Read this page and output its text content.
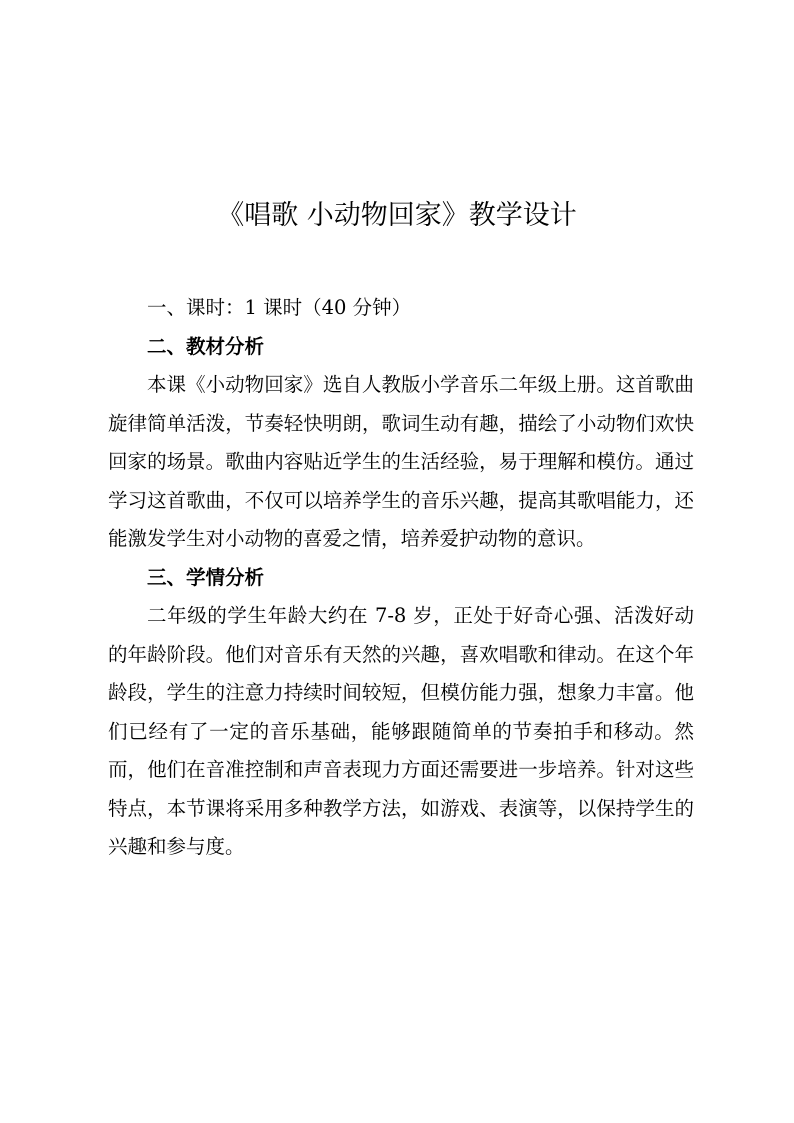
《唱歌 小动物回家》教学设计
一、课时：1 课时（40 分钟）
二、教材分析

本课《小动物回家》选自人教版小学音乐二年级上册。这首歌曲旋律简单活泼，节奏轻快明朗，歌词生动有趣，描绘了小动物们欢快回家的场景。歌曲内容贴近学生的生活经验，易于理解和模仿。通过学习这首歌曲，不仅可以培养学生的音乐兴趣，提高其歌唱能力，还能激发学生对小动物的喜爱之情，培养爱护动物的意识。

三、学情分析

二年级的学生年龄大约在 7-8 岁，正处于好奇心强、活泼好动的年龄阶段。他们对音乐有天然的兴趣，喜欢唱歌和律动。在这个年龄段，学生的注意力持续时间较短，但模仿能力强，想象力丰富。他们已经有了一定的音乐基础，能够跟随简单的节奏拍手和移动。然而，他们在音准控制和声音表现力方面还需要进一步培养。针对这些特点，本节课将采用多种教学方法，如游戏、表演等，以保持学生的兴趣和参与度。
